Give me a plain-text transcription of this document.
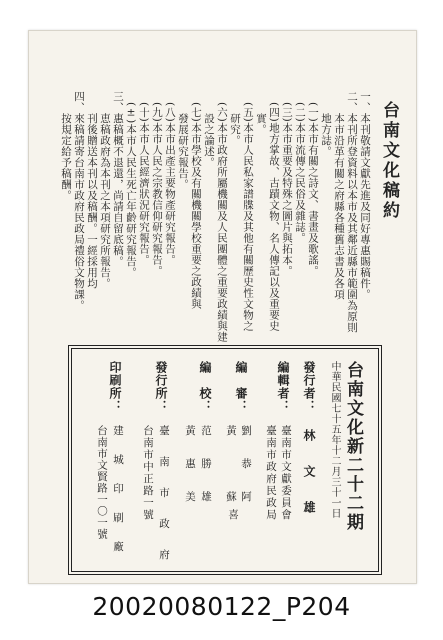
台南文化稿約
一、本刊敬請文獻先進及同好專惠賜稿件。
二、本刊所登資料以本市及其鄰近縣市範圍為原則
　　本市沿革有關之府縣各種舊志書及各項
　　地方誌。
　(一)本市有關之詩文、書畫及歌謠。
　(二)本市流傳之民俗及雜誌。
　(三)本市重要及特殊之圖片與拓本。
　(四)地方掌故、古蹟文物、名人傳記以及重要史
　　實。
　(五)本市人民私家譜牒及其他有關歷史性文物之
　　研究。
　(六)本市政府所屬機關及人民團體之重要政績與建
　　設之論述。
　(七)本市學校及有關機關學校重要之政績與
　　發展研究報告。
　(八)本市出產主要物產研究報告。
　(九)本市人民之宗教信仰研究報告。
　(十)本市人民經濟狀況研究報告。
　(±)本市人民生死亡年齡研究報告。
三、惠稿概不退還，尚請自留底稿。
　　恵稿政府為本刊之本項研究所報告。
　　刊後贈送本刊以及稿酬。一經採用均
四、來稿請寄台南市政府民政局禮俗文物課。
　　按規定給予稿酬。
台南文化新二十二期
中華民國七十五年十二月三十一日
發行者：
林　文　雄
編輯者：
臺南市文獻委員會
臺南市政府民政局
編　審：
劉　恭　阿
黃　　　蘇
喜
編　校：
范　勝　雄
黃　惠　美
發行所：
臺　南　市　政　府
台南市中正路一號
印刷所：
建　城　印　刷　廠
台南市文賢路一〇一號
20020080122_P204
